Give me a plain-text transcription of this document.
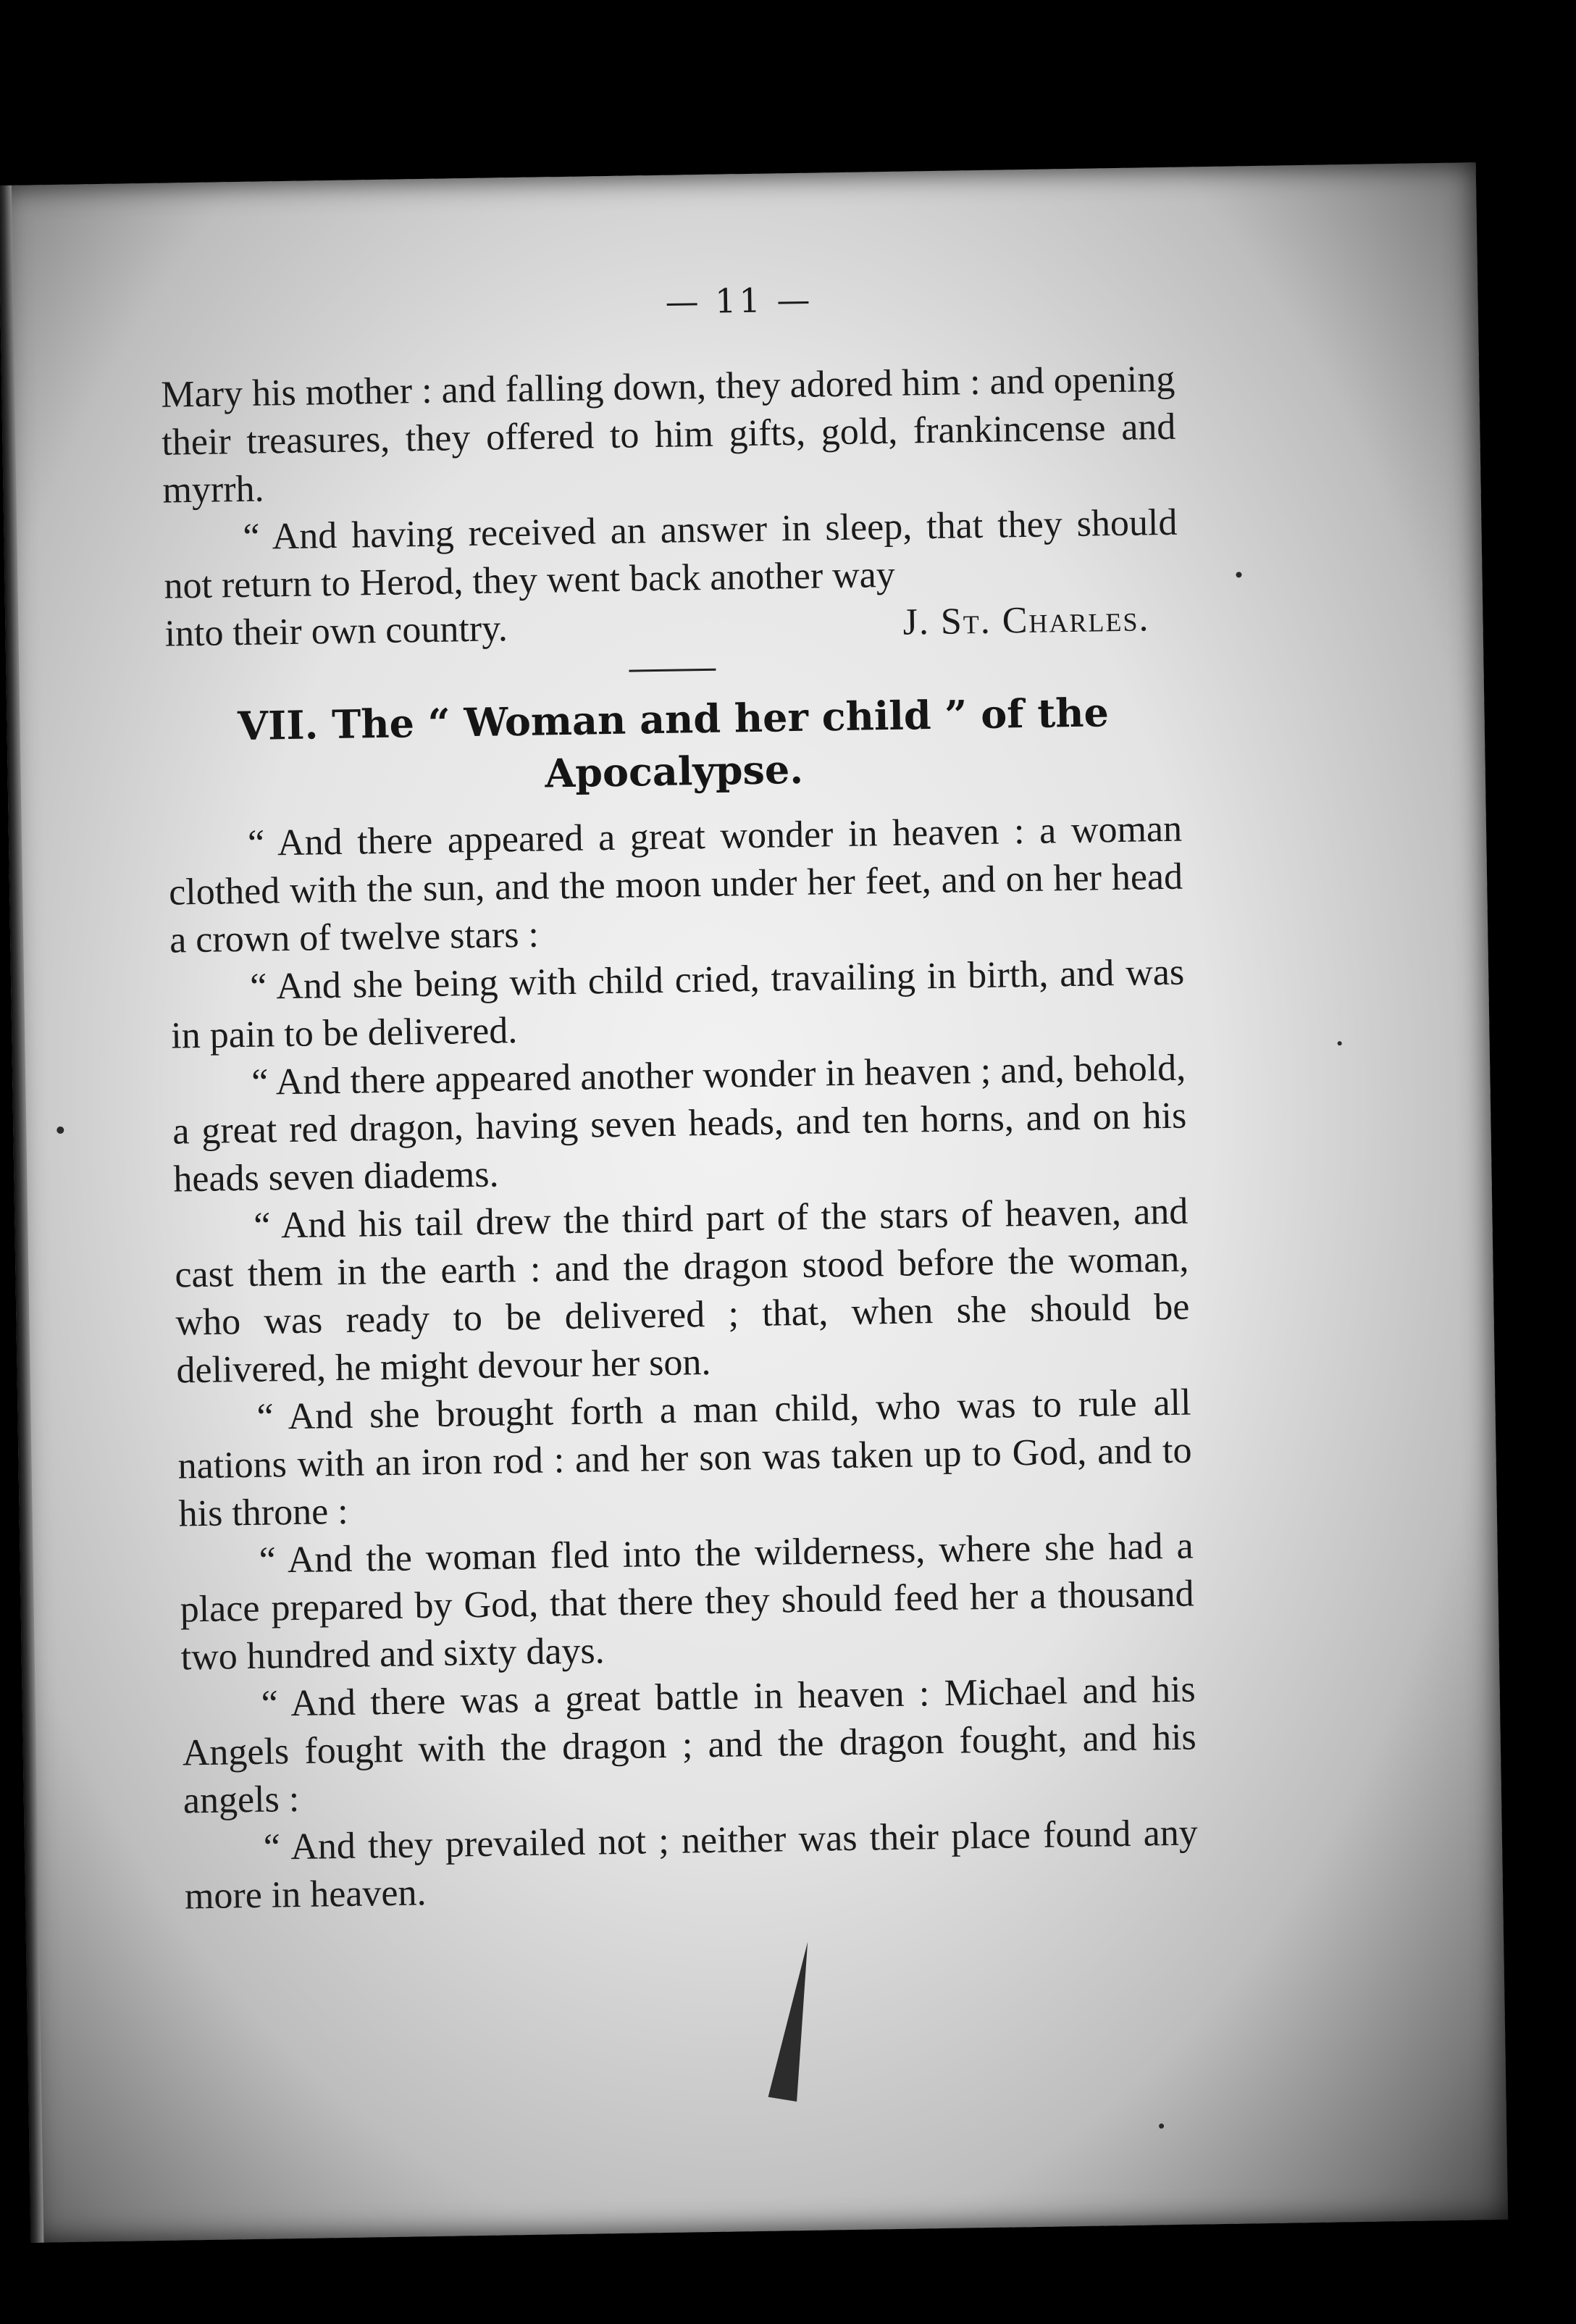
— 11 —

Mary his mother : and falling down, they adored him : and opening their treasures, they offered to him gifts, gold, frankincense and myrrh.

“ And having received an answer in sleep, that they should not return to Herod, they went back another way

into their own country.	J. St. Charles.
VII. The “ Woman and her child ” of the
Apocalypse.

“ And there appeared a great wonder in heaven : a woman clothed with the sun, and the moon under her feet, and on her head a crown of twelve stars :

“ And she being with child cried, travailing in birth, and was in pain to be delivered.

“ And there appeared another wonder in heaven ; and, behold, a great red dragon, having seven heads, and ten horns, and on his heads seven diadems.

“ And his tail drew the third part of the stars of heaven, and cast them in the earth : and the dragon stood before the woman, who was ready to be delivered ; that, when she should be delivered, he might devour her son.

“ And she brought forth a man child, who was to rule all nations with an iron rod : and her son was taken up to God, and to his throne :

“ And the woman fled into the wilderness, where she had a place prepared by God, that there they should feed her a thousand two hundred and sixty days.

“ And there was a great battle in heaven : Michael and his Angels fought with the dragon ; and the dragon fought, and his angels :

“ And they prevailed not ; neither was their place found any more in heaven.
